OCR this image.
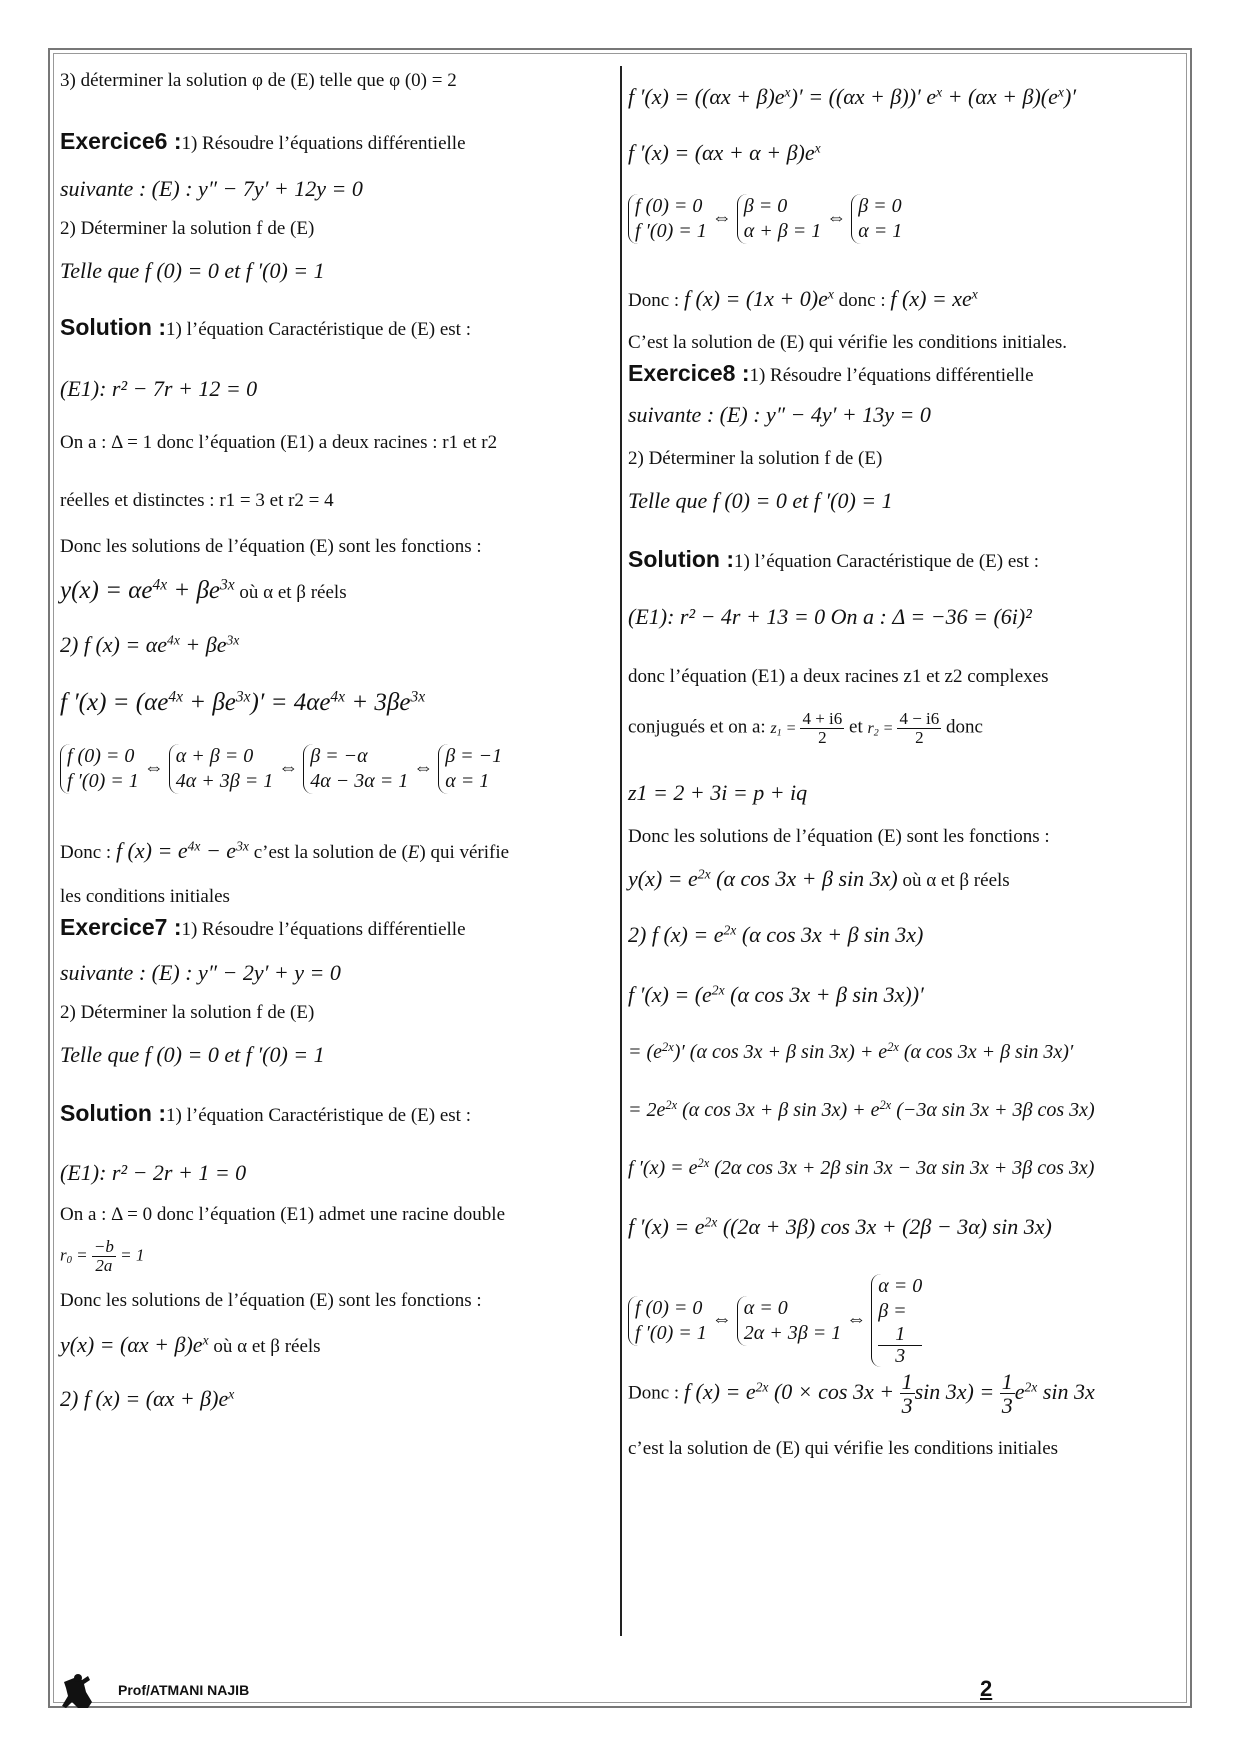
3) déterminer la solution φ de (E) telle que φ (0) = 2
Exercice6 :1) Résoudre l’équations différentielle
suivante : (E) : y″ − 7y′ + 12y = 0
2) Déterminer la solution f de (E)
Telle que f (0) = 0 et f ′(0) = 1
Solution :1) l’équation Caractéristique de (E) est :
(E1): r² − 7r + 12 = 0
On a : Δ = 1 donc l’équation (E1) a deux racines : r1 et r2
réelles et distinctes : r1 = 3 et r2 = 4
Donc les solutions de l’équation (E) sont les fonctions :
$y(x) = \alpha e^{4x} + \beta e^{3x}$ où α et β réels
2) f $(x) = \alpha e^{4x} + \beta e^{3x}$
f $'(x) = (\alpha e^{4x} + \beta e^{3x})' = 4\alpha e^{4x} + 3\beta e^{3x}$
f (0) = 0
f ′(0) = 1
⇔
α + β = 0
4α + 3β = 1
⇔
β = −α
4α − 3α = 1
⇔
β = −1
α = 1
Donc : f $(x) = e^{4x} - e^{3x}$ c’est la solution de (E) qui vérifie
les conditions initiales
Exercice7 :1) Résoudre l’équations différentielle
suivante : (E) : y″ − 2y′ + y = 0
2) Déterminer la solution f de (E)
Telle que f (0) = 0 et f ′(0) = 1
Solution :1) l’équation Caractéristique de (E) est :
(E1): r² − 2r + 1 = 0
On a : Δ = 0 donc l’équation (E1) admet une racine double
$r_0 = \frac{-b}{2a} = 1$
Donc les solutions de l’équation (E) sont les fonctions :
$y(x) = (\alpha x + \beta)e^x$ où α et β réels
2) f $(x) = (\alpha x + \beta)e^x$
f $'(x) = ((\alpha x + \beta)e^x)' = ((\alpha x + \beta))'$ $e^x + (\alpha x + \beta)(e^x)'$
f $'(x) = (\alpha x + \alpha + \beta)e^x$
f (0) = 0
f ′(0) = 1
⇔
β = 0
α + β = 1
⇔
β = 0
α = 1
Donc : f $(x) = (1x + 0)e^x$ donc : f $(x) = xe^x$
C’est la solution de (E) qui vérifie les conditions initiales.
Exercice8 :1) Résoudre l’équations différentielle
suivante : (E) : y″ − 4y′ + 13y = 0
2) Déterminer la solution f de (E)
Telle que f (0) = 0 et f ′(0) = 1
Solution :1) l’équation Caractéristique de (E) est :
(E1): r² − 4r + 13 = 0 On a : Δ = −36 = (6i)²
donc l’équation (E1) a deux racines z1 et z2 complexes
conjugués et on a: $z_1 = \frac{4 + i6}{2}$ et $r_2 = \frac{4 - i6}{2}$ donc
z1 = 2 + 3i = p + iq
Donc les solutions de l’équation (E) sont les fonctions :
$y(x) = e^{2x}$ (α cos 3x + β sin 3x) où α et β réels
2) f $(x) = e^{2x}$ (α cos 3x + β sin 3x)
f $'(x) = (e^{2x}$ (α cos 3x + β sin 3x))′
= $(e^{2x})'$ (α cos 3x + β $\sin 3x) + e^{2x}$ (α cos 3x + β sin 3x)′
= $2e^{2x}$ (α cos 3x + β $\sin 3x) + e^{2x}$ (−3α sin 3x + 3β cos 3x)
f $'(x) = e^{2x}$ (2α cos 3x + 2β sin 3x − 3α sin 3x + 3β cos 3x)
f $'(x) = e^{2x}$ ((2α + 3β) cos 3x + (2β − 3α) sin 3x)
f (0) = 0
f ′(0) = 1
⇔
α = 0
2α + 3β = 1
⇔
α = 0
β =
1
3
Donc : f $(x) = e^{2x}$ ($0 \times \cos 3x + \frac{1}{3}$ $\sin 3x) = \frac{1}{3} e^{2x}$ sin 3x
c’est la solution de (E) qui vérifie les conditions initiales
Prof/ATMANI NAJIB	2
